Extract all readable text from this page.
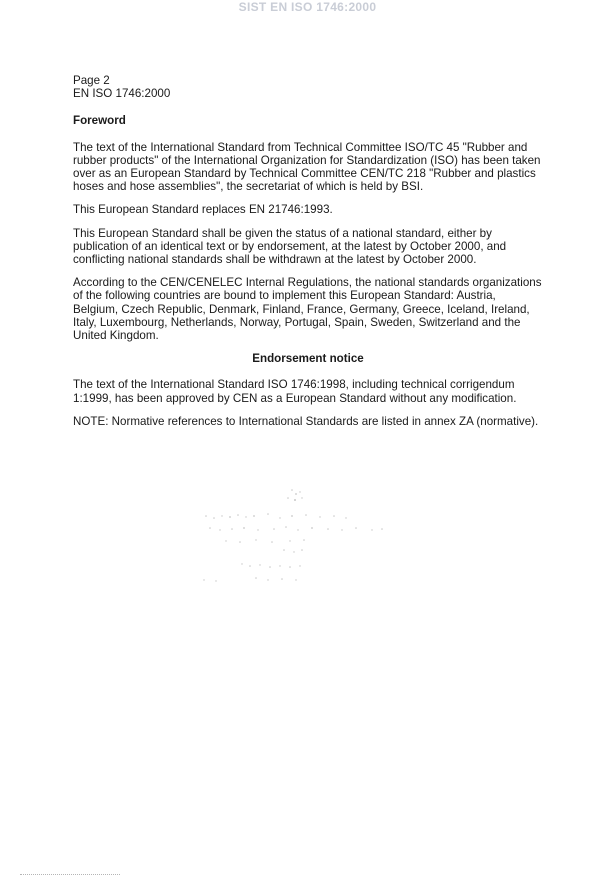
SIST EN ISO 1746:2000
Page 2
EN ISO 1746:2000
Foreword

The text of the International Standard from Technical Committee ISO/TC 45 "Rubber and rubber products" of the International Organization for Standardization (ISO) has been taken over as an European Standard by Technical Committee CEN/TC 218 "Rubber and plastics hoses and hose assemblies", the secretariat of which is held by BSI.

This European Standard replaces EN 21746:1993.

This European Standard shall be given the status of a national standard, either by publication of an identical text or by endorsement, at the latest by October 2000, and conflicting national standards shall be withdrawn at the latest by October 2000.

According to the CEN/CENELEC Internal Regulations, the national standards organizations of the following countries are bound to implement this European Standard: Austria, Belgium, Czech Republic, Denmark, Finland, France, Germany, Greece, Iceland, Ireland, Italy, Luxembourg, Netherlands, Norway, Portugal, Spain, Sweden, Switzerland and the United Kingdom.

Endorsement notice

The text of the International Standard ISO 1746:1998, including technical corrigendum 1:1999, has been approved by CEN as a European Standard without any modification.

NOTE: Normative references to International Standards are listed in annex ZA (normative).
